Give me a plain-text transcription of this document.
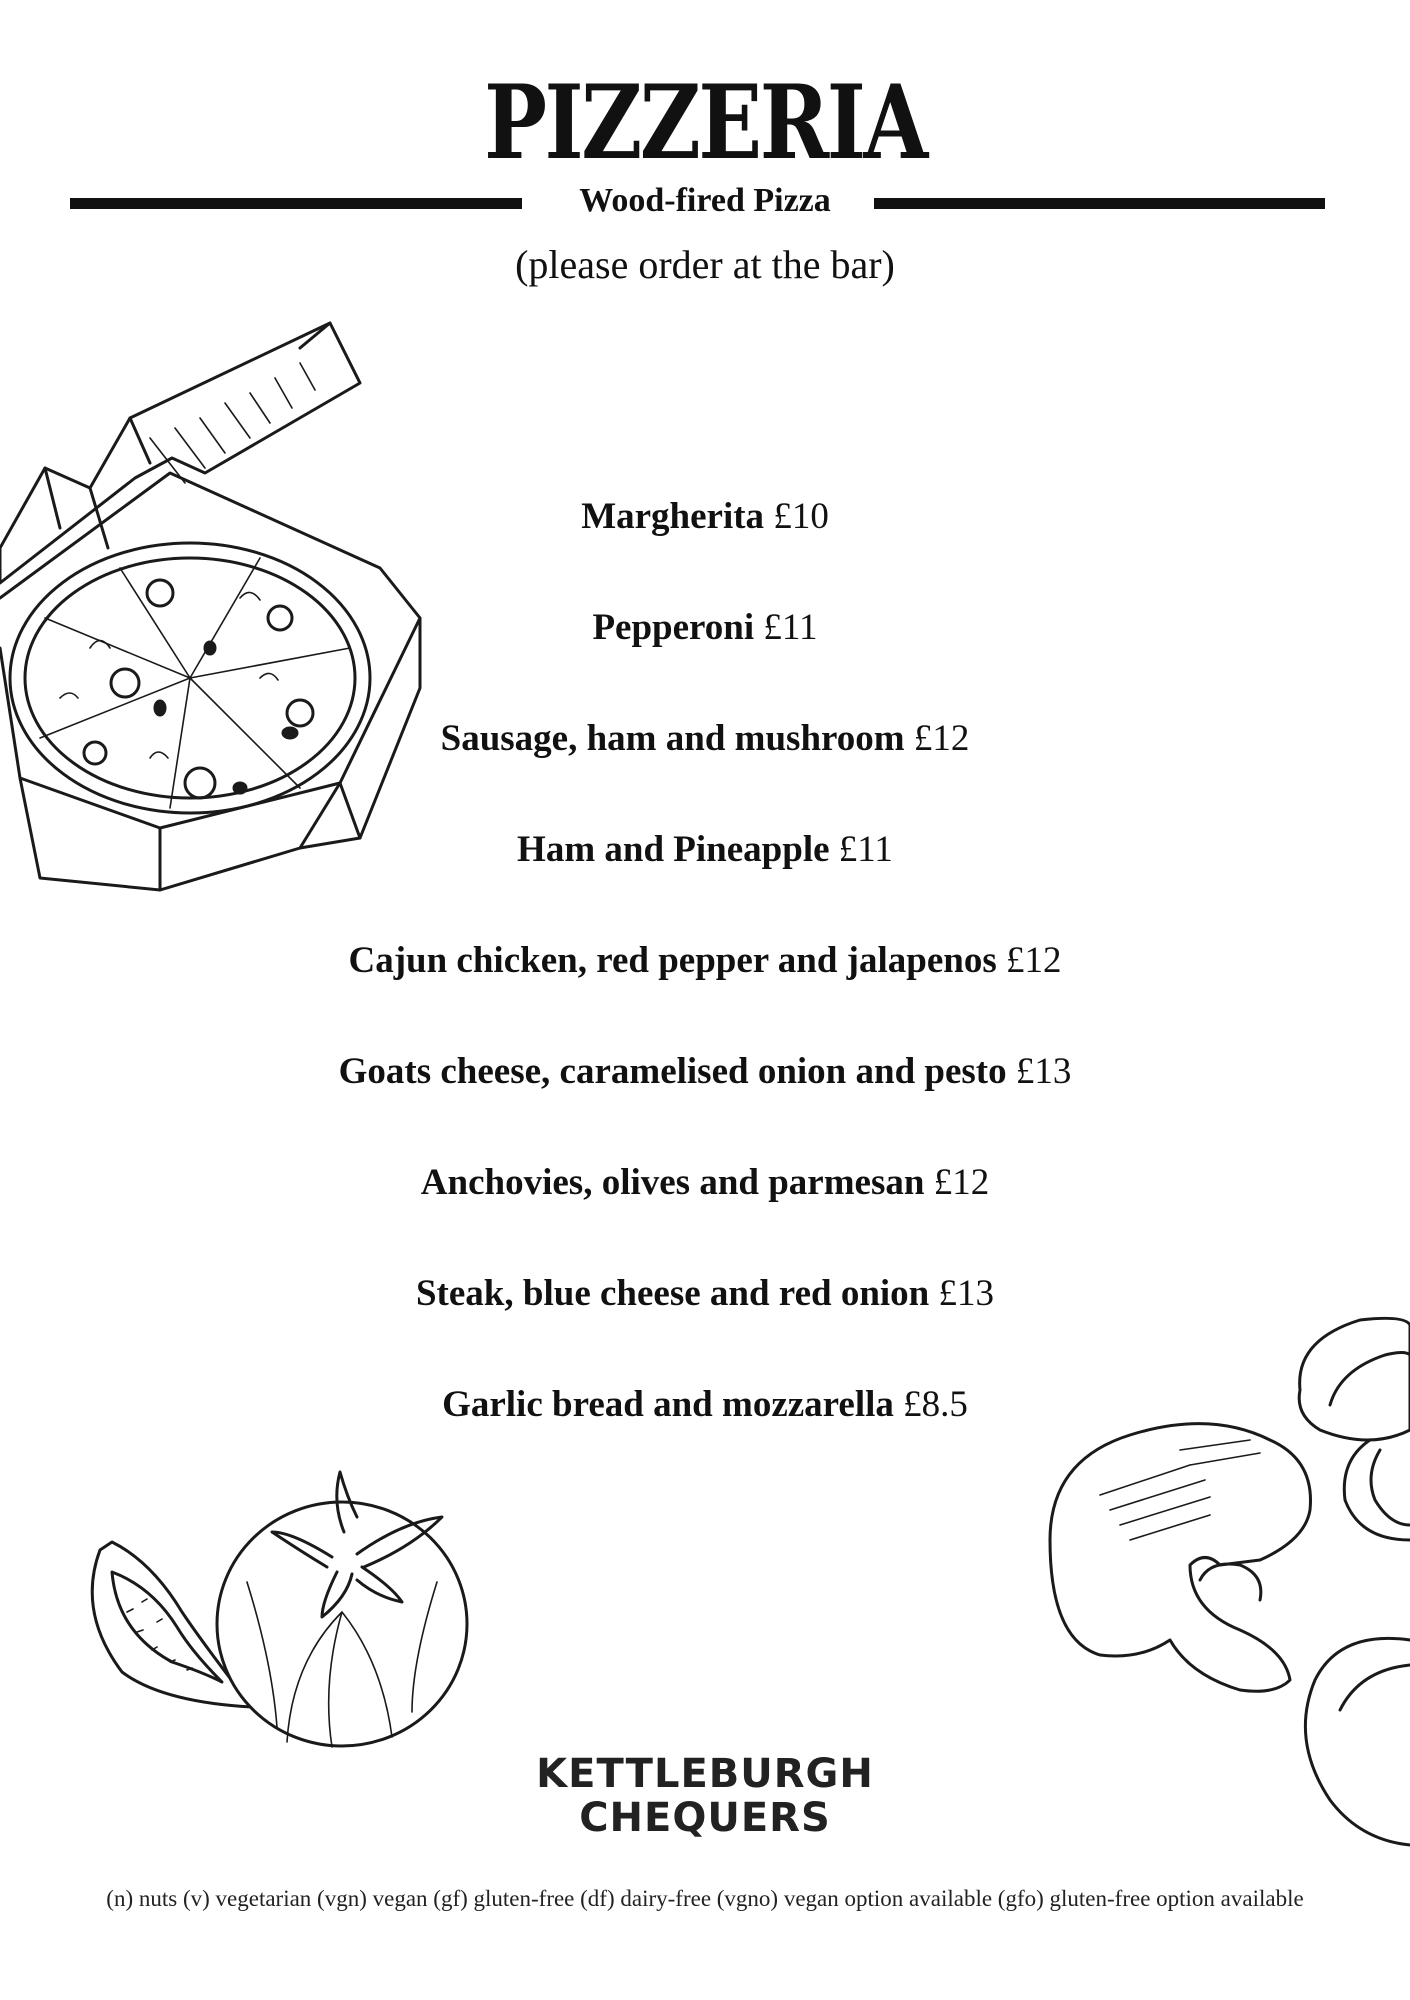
PIZZERIA
Wood-fired Pizza
(please order at the bar)
Margherita £10
Pepperoni £11
Sausage, ham and mushroom £12
Ham and Pineapple £11
Cajun chicken, red pepper and jalapenos £12
Goats cheese, caramelised onion and pesto £13
Anchovies, olives and parmesan £12
Steak, blue cheese and red onion £13
Garlic bread and mozzarella £8.5
KETTLEBURGH
CHEQUERS
(n) nuts (v) vegetarian (vgn) vegan (gf) gluten-free (df) dairy-free (vgno) vegan option available (gfo) gluten-free option available
